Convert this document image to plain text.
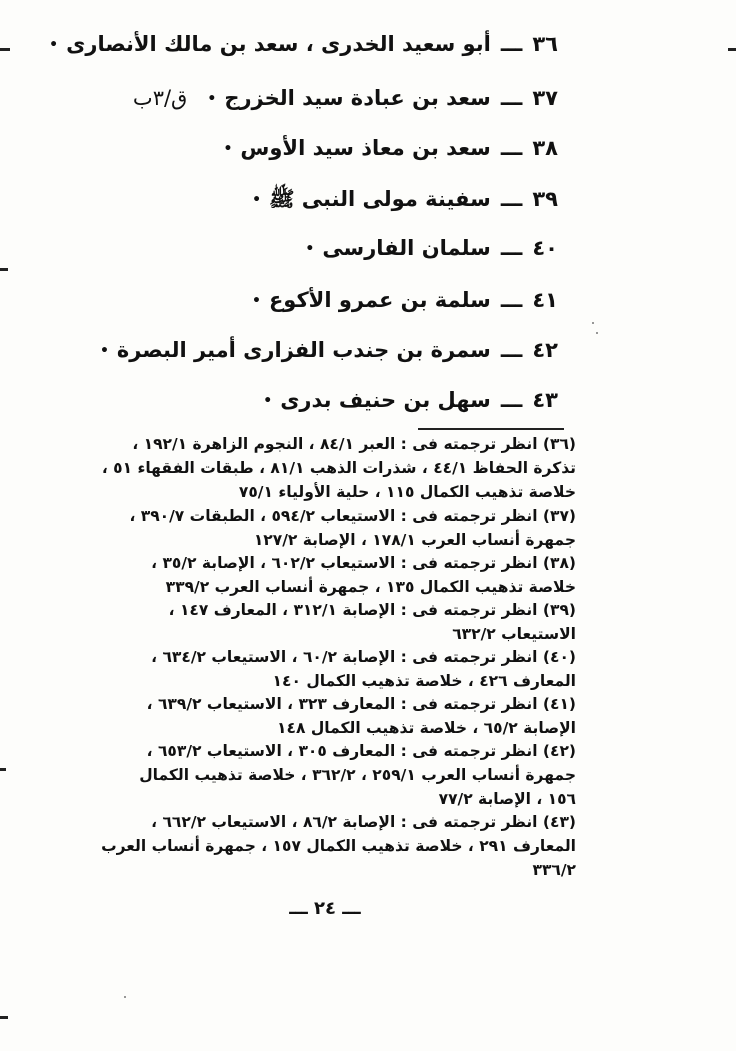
٣٦ـــأبو سعيد الخدرى ، سعد بن مالك الأنصارى•
٣٧ـــسعد بن عبادة سيد الخزرج•ق/٣ب
٣٨ـــسعد بن معاذ سيد الأوس•
٣٩ـــسفينة مولى النبى ﷺ•
٤٠ـــسلمان الفارسى•
٤١ـــسلمة بن عمرو الأكوع•
٤٢ـــسمرة بن جندب الفزارى أمير البصرة•
٤٣ـــسهل بن حنيف بدرى•
(٣٦) انظر ترجمته فى : العبر ٨٤/١ ، النجوم الزاهرة ١٩٢/١ ،
تذكرة الحفاظ ٤٤/١ ، شذرات الذهب ٨١/١ ، طبقات الفقهاء ٥١ ،
خلاصة تذهيب الكمال ١١٥ ، حلية الأولياء ٧٥/١
(٣٧) انظر ترجمته فى : الاستيعاب ٥٩٤/٢ ، الطبقات ٣٩٠/٧ ،
جمهرة أنساب العرب ١٧٨/١ ، الإصابة ١٢٧/٢
(٣٨) انظر ترجمته فى : الاستيعاب ٦٠٢/٢ ، الإصابة ٣٥/٢ ،
خلاصة تذهيب الكمال ١٣٥ ، جمهرة أنساب العرب ٣٣٩/٢
(٣٩) انظر ترجمته فى : الإصابة ٣١٢/١ ، المعارف ١٤٧ ،
الاستيعاب ٦٣٢/٢
(٤٠) انظر ترجمته فى : الإصابة ٦٠/٢ ، الاستيعاب ٦٣٤/٢ ،
المعارف ٤٢٦ ، خلاصة تذهيب الكمال ١٤٠
(٤١) انظر ترجمته فى : المعارف ٣٢٣ ، الاستيعاب ٦٣٩/٢ ،
الإصابة ٦٥/٢ ، خلاصة تذهيب الكمال ١٤٨
(٤٢) انظر ترجمته فى : المعارف ٣٠٥ ، الاستيعاب ٦٥٣/٢ ،
جمهرة أنساب العرب ٢٥٩/١ ، ٣٦٢/٢ ، خلاصة تذهيب الكمال
١٥٦ ، الإصابة ٧٧/٢
(٤٣) انظر ترجمته فى : الإصابة ٨٦/٢ ، الاستيعاب ٦٦٢/٢ ،
المعارف ٢٩١ ، خلاصة تذهيب الكمال ١٥٧ ، جمهرة أنساب العرب
٣٣٦/٢
ـــ ٢٤ ـــ
